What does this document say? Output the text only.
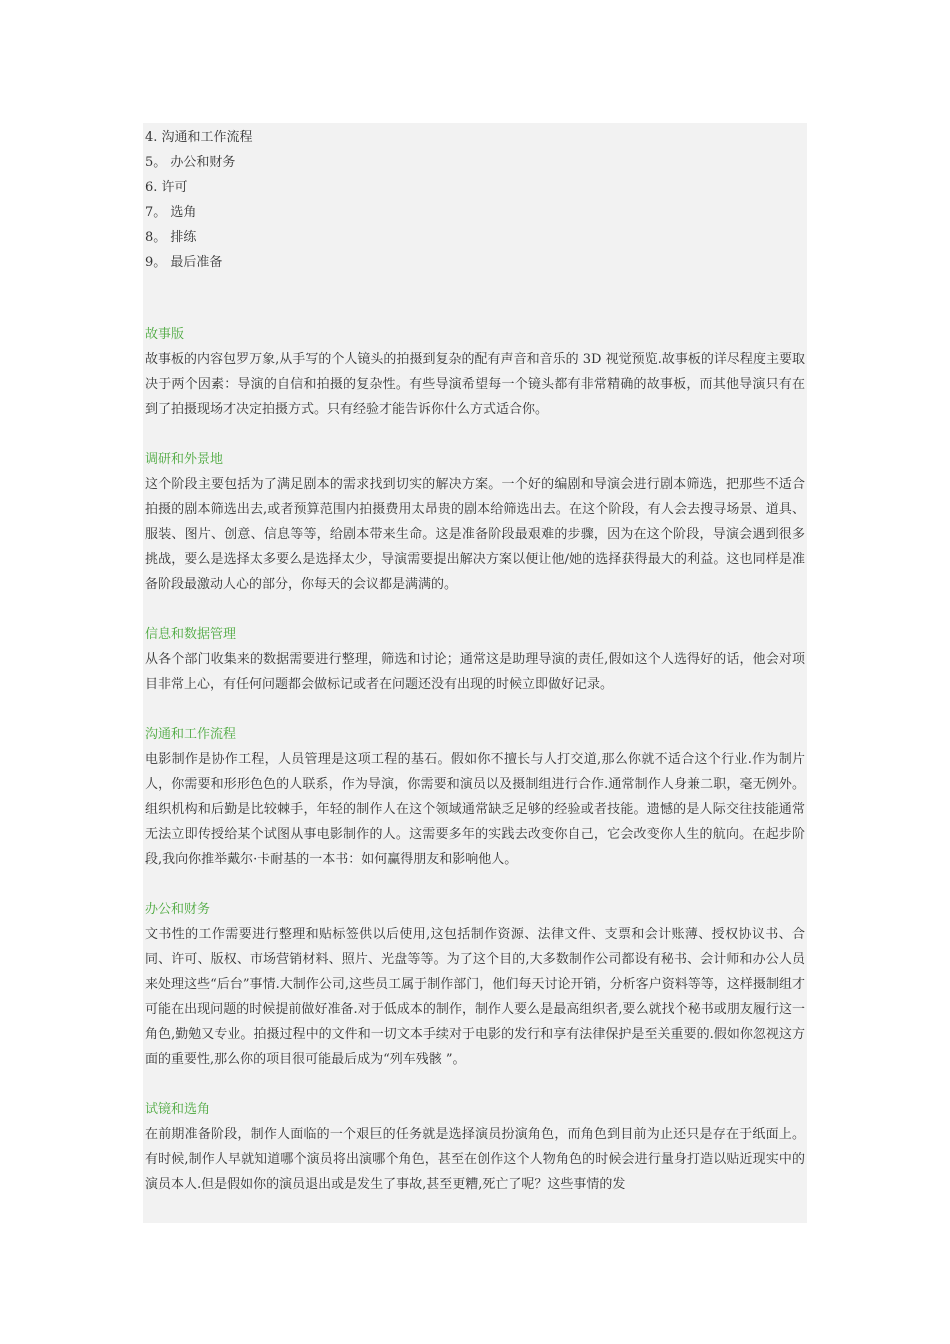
4. 沟通和工作流程
5。 办公和财务
6. 许可
7。 选角
8。 排练
9。 最后准备
故事版

故事板的内容包罗万象,从手写的个人镜头的拍摄到复杂的配有声音和音乐的 3D 视觉预览.故事板的详尽程度主要取决于两个因素：导演的自信和拍摄的复杂性。有些导演希望每一个镜头都有非常精确的故事板，而其他导演只有在到了拍摄现场才决定拍摄方式。只有经验才能告诉你什么方式适合你。

调研和外景地

这个阶段主要包括为了满足剧本的需求找到切实的解决方案。一个好的编剧和导演会进行剧本筛选，把那些不适合拍摄的剧本筛选出去,或者预算范围内拍摄费用太昂贵的剧本给筛选出去。在这个阶段，有人会去搜寻场景、道具、服装、图片、创意、信息等等，给剧本带来生命。这是准备阶段最艰难的步骤，因为在这个阶段，导演会遇到很多挑战，要么是选择太多要么是选择太少，导演需要提出解决方案以便让他/她的选择获得最大的利益。这也同样是准备阶段最激动人心的部分，你每天的会议都是满满的。

信息和数据管理

从各个部门收集来的数据需要进行整理，筛选和讨论；通常这是助理导演的责任,假如这个人选得好的话，他会对项目非常上心，有任何问题都会做标记或者在问题还没有出现的时候立即做好记录。

沟通和工作流程

电影制作是协作工程，人员管理是这项工程的基石。假如你不擅长与人打交道,那么你就不适合这个行业.作为制片人，你需要和形形色色的人联系，作为导演，你需要和演员以及摄制组进行合作.通常制作人身兼二职，毫无例外。组织机构和后勤是比较棘手，年轻的制作人在这个领域通常缺乏足够的经验或者技能。遗憾的是人际交往技能通常无法立即传授给某个试图从事电影制作的人。这需要多年的实践去改变你自己，它会改变你人生的航向。在起步阶段,我向你推举戴尔·卡耐基的一本书：如何赢得朋友和影响他人。

办公和财务

文书性的工作需要进行整理和贴标签供以后使用,这包括制作资源、法律文件、支票和会计账薄、授权协议书、合同、许可、版权、市场营销材料、照片、光盘等等。为了这个目的,大多数制作公司都设有秘书、会计师和办公人员来处理这些“后台”事情.大制作公司,这些员工属于制作部门，他们每天讨论开销，分析客户资料等等，这样摄制组才可能在出现问题的时候提前做好准备.对于低成本的制作，制作人要么是最高组织者,要么就找个秘书或朋友履行这一角色,勤勉又专业。拍摄过程中的文件和一切文本手续对于电影的发行和享有法律保护是至关重要的.假如你忽视这方面的重要性,那么你的项目很可能最后成为“列车残骸 ”。

试镜和选角

在前期准备阶段，制作人面临的一个艰巨的任务就是选择演员扮演角色，而角色到目前为止还只是存在于纸面上。有时候,制作人早就知道哪个演员将出演哪个角色，甚至在创作这个人物角色的时候会进行量身打造以贴近现实中的演员本人.但是假如你的演员退出或是发生了事故,甚至更糟,死亡了呢？这些事情的发
